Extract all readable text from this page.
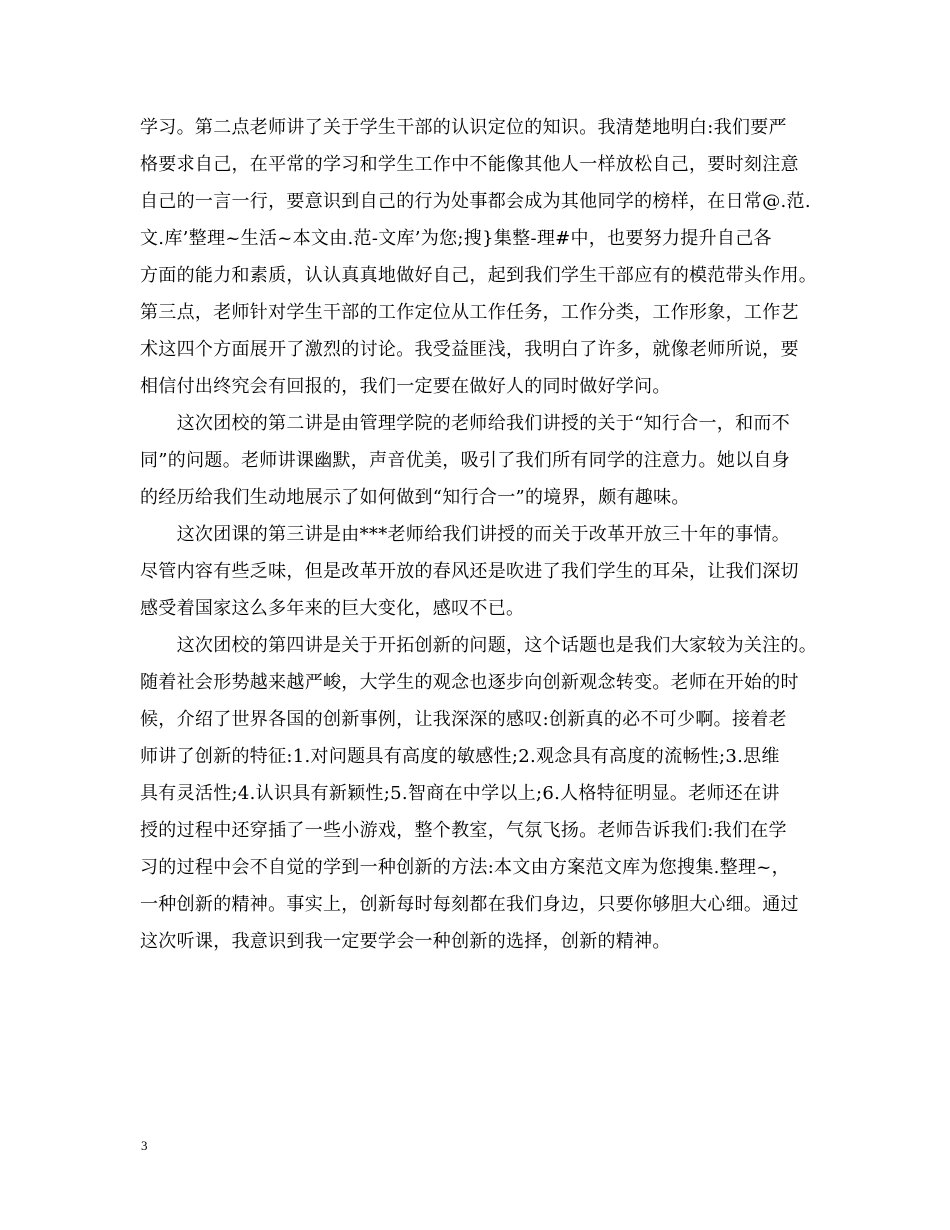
学习。第二点老师讲了关于学生干部的认识定位的知识。我清楚地明白:我们要严
格要求自己，在平常的学习和学生工作中不能像其他人一样放松自己，要时刻注意
自己的一言一行，要意识到自己的行为处事都会成为其他同学的榜样，在日常@.范.
文.库’整理~生活~本文由.范-文库’为您;搜}集整-理#中，也要努力提升自己各
方面的能力和素质，认认真真地做好自己，起到我们学生干部应有的模范带头作用。
第三点，老师针对学生干部的工作定位从工作任务，工作分类，工作形象，工作艺
术这四个方面展开了激烈的讨论。我受益匪浅，我明白了许多，就像老师所说，要
相信付出终究会有回报的，我们一定要在做好人的同时做好学问。
　　这次团校的第二讲是由管理学院的老师给我们讲授的关于“知行合一，和而不
同”的问题。老师讲课幽默，声音优美，吸引了我们所有同学的注意力。她以自身
的经历给我们生动地展示了如何做到“知行合一”的境界，颇有趣味。
　　这次团课的第三讲是由***老师给我们讲授的而关于改革开放三十年的事情。
尽管内容有些乏味，但是改革开放的春风还是吹进了我们学生的耳朵，让我们深切
感受着国家这么多年来的巨大变化，感叹不已。
　　这次团校的第四讲是关于开拓创新的问题，这个话题也是我们大家较为关注的。
随着社会形势越来越严峻，大学生的观念也逐步向创新观念转变。老师在开始的时
候，介绍了世界各国的创新事例，让我深深的感叹:创新真的必不可少啊。接着老
师讲了创新的特征:1.对问题具有高度的敏感性;2.观念具有高度的流畅性;3.思维
具有灵活性;4.认识具有新颖性;5.智商在中学以上;6.人格特征明显。老师还在讲
授的过程中还穿插了一些小游戏，整个教室，气氛飞扬。老师告诉我们:我们在学
习的过程中会不自觉的学到一种创新的方法:本文由方案范文库为您搜集.整理~，
一种创新的精神。事实上，创新每时每刻都在我们身边，只要你够胆大心细。通过
这次听课，我意识到我一定要学会一种创新的选择，创新的精神。
3
